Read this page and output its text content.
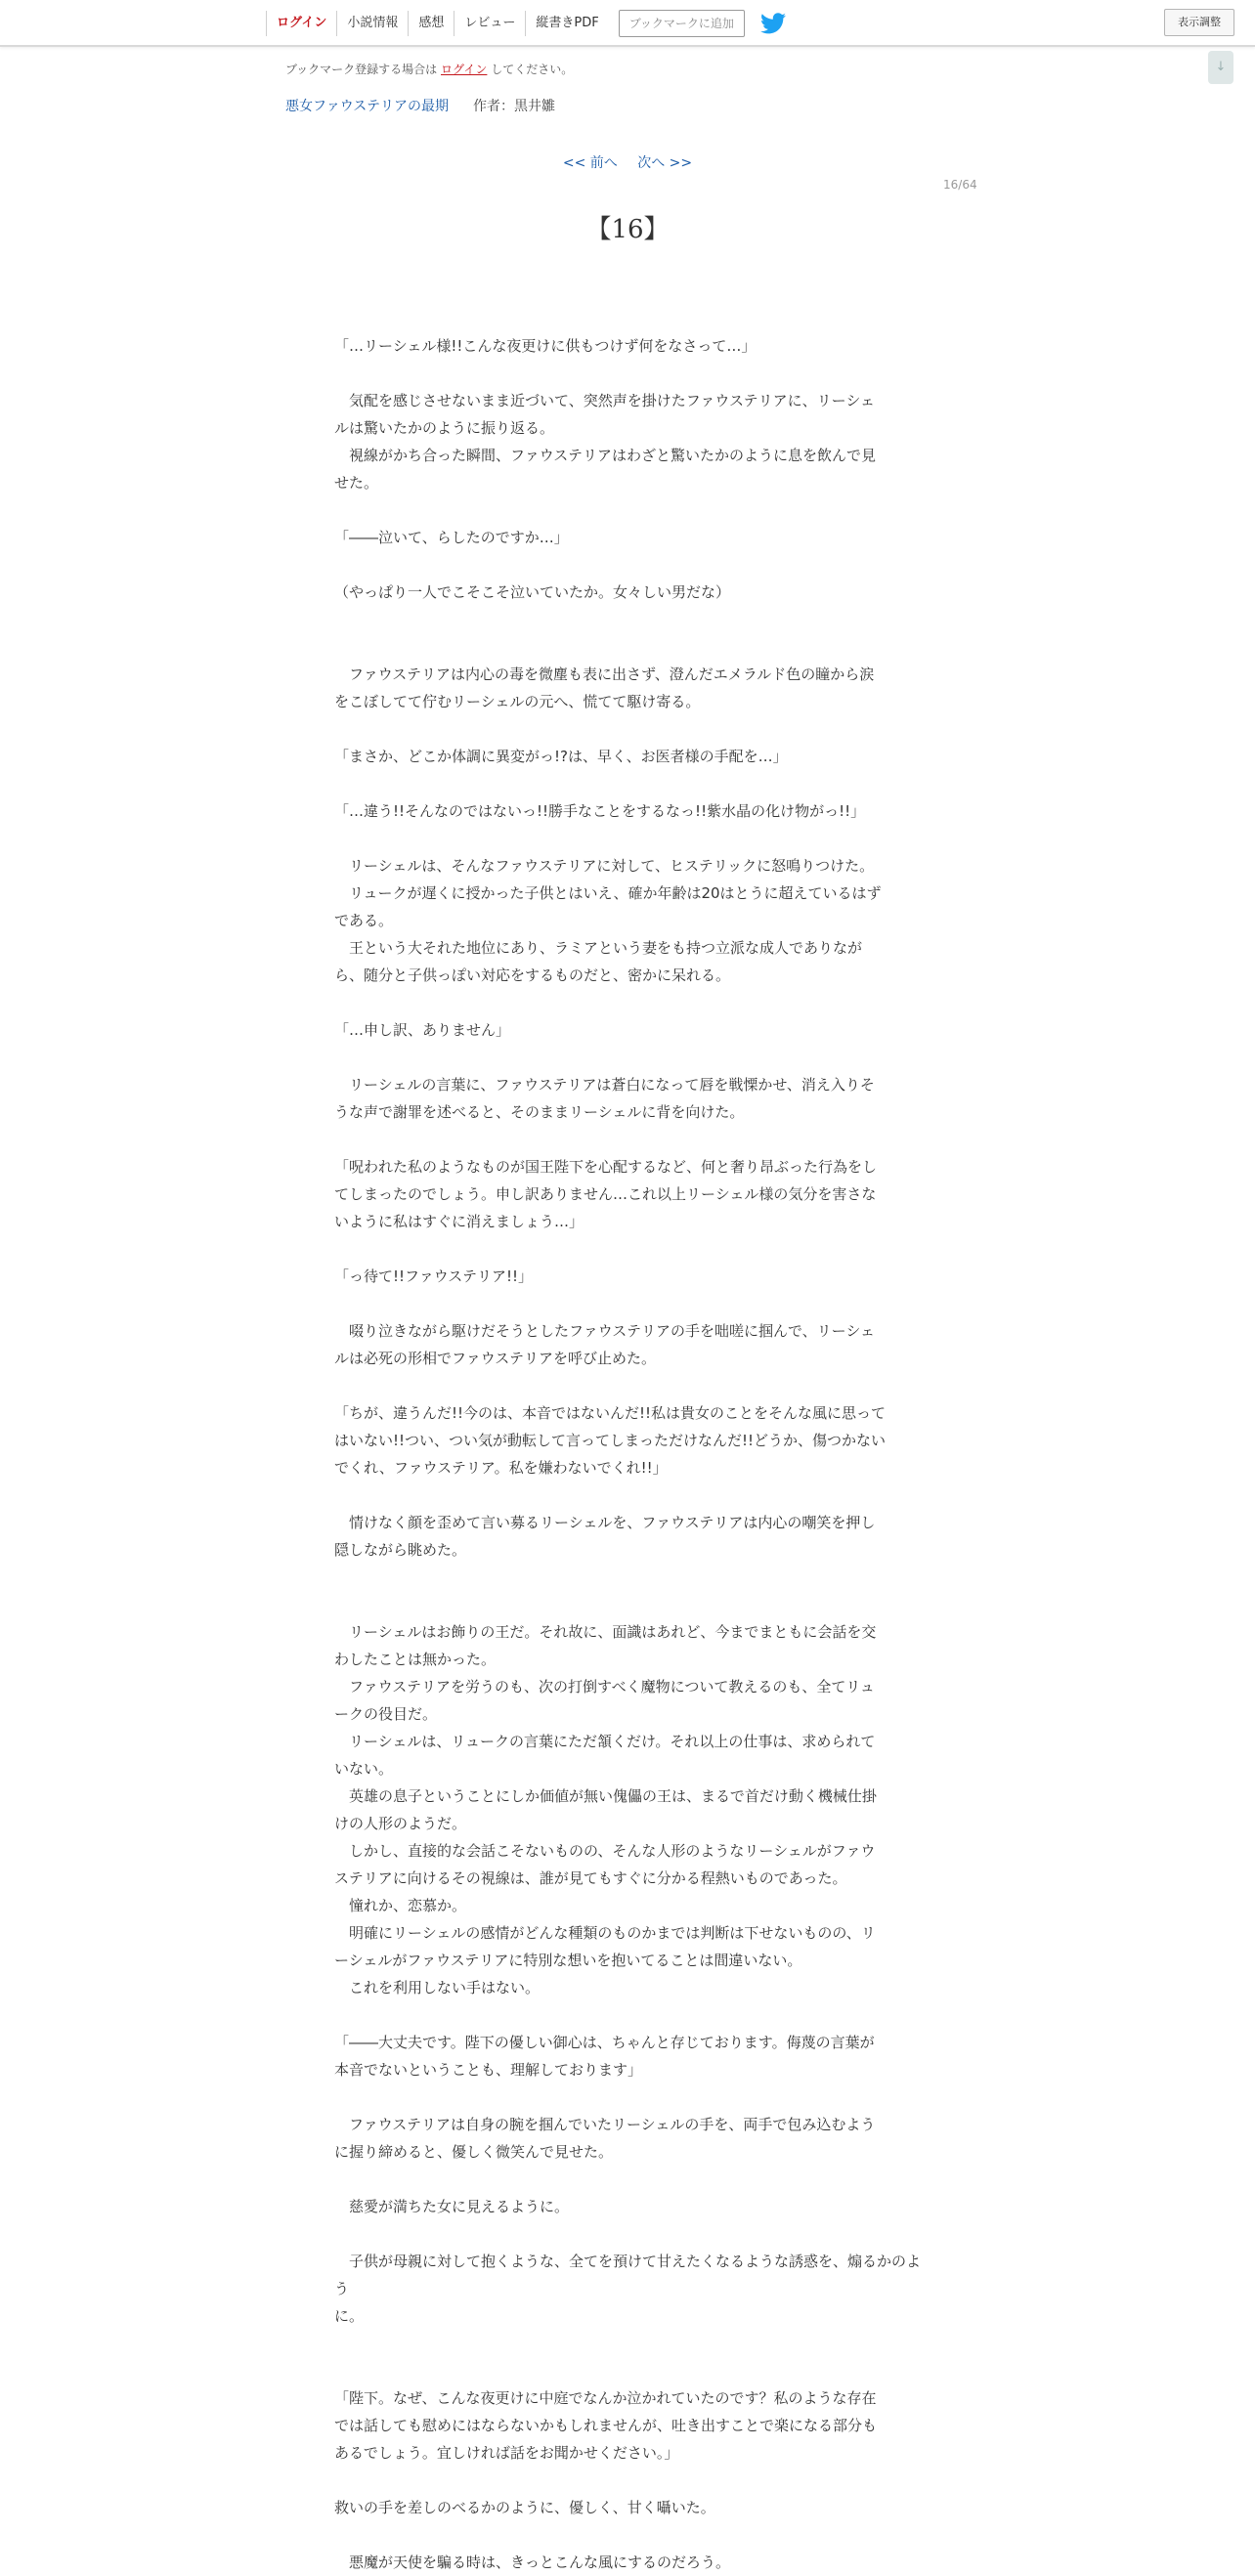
ログイン	小説情報	感想	レビュー	縦書きPDF	ブックマークに追加	表示調整
↓
ブックマーク登録する場合は ログイン してください。
悪女ファウステリアの最期 作者：黒井雛
<< 前へ 次へ >>
16/64
【16】

「…リーシェル様!!こんな夜更けに供もつけず何をなさって…」

　気配を感じさせないまま近づいて、突然声を掛けたファウステリアに、リーシェ

ルは驚いたかのように振り返る。

　視線がかち合った瞬間、ファウステリアはわざと驚いたかのように息を飲んで見

せた。

「――泣いて、らしたのですか…」

（やっぱり一人でこそこそ泣いていたか。女々しい男だな）

　ファウステリアは内心の毒を微塵も表に出さず、澄んだエメラルド色の瞳から涙

をこぼしてて佇むリーシェルの元へ、慌てて駆け寄る。

「まさか、どこか体調に異変がっ!?は、早く、お医者様の手配を…」

「…違う!!そんなのではないっ!!勝手なことをするなっ!!紫水晶の化け物がっ!!」

　リーシェルは、そんなファウステリアに対して、ヒステリックに怒鳴りつけた。

　リュークが遅くに授かった子供とはいえ、確か年齢は20はとうに超えているはず

である。

　王という大それた地位にあり、ラミアという妻をも持つ立派な成人でありなが

ら、随分と子供っぽい対応をするものだと、密かに呆れる。

「…申し訳、ありません」

　リーシェルの言葉に、ファウステリアは蒼白になって唇を戦慄かせ、消え入りそ

うな声で謝罪を述べると、そのままリーシェルに背を向けた。

「呪われた私のようなものが国王陛下を心配するなど、何と奢り昂ぶった行為をし

てしまったのでしょう。申し訳ありません…これ以上リーシェル様の気分を害さな

いように私はすぐに消えましょう…」

「っ待て!!ファウステリア!!」

　啜り泣きながら駆けだそうとしたファウステリアの手を咄嗟に掴んで、リーシェ

ルは必死の形相でファウステリアを呼び止めた。

「ちが、違うんだ!!今のは、本音ではないんだ!!私は貴女のことをそんな風に思って

はいない!!つい、つい気が動転して言ってしまっただけなんだ!!どうか、傷つかない

でくれ、ファウステリア。私を嫌わないでくれ!!」

　情けなく顔を歪めて言い募るリーシェルを、ファウステリアは内心の嘲笑を押し

隠しながら眺めた。

　リーシェルはお飾りの王だ。それ故に、面識はあれど、今までまともに会話を交

わしたことは無かった。

　ファウステリアを労うのも、次の打倒すべく魔物について教えるのも、全てリュ

ークの役目だ。

　リーシェルは、リュークの言葉にただ頷くだけ。それ以上の仕事は、求められて

いない。

　英雄の息子ということにしか価値が無い傀儡の王は、まるで首だけ動く機械仕掛

けの人形のようだ。

　しかし、直接的な会話こそないものの、そんな人形のようなリーシェルがファウ

ステリアに向けるその視線は、誰が見てもすぐに分かる程熱いものであった。

　憧れか、恋慕か。

　明確にリーシェルの感情がどんな種類のものかまでは判断は下せないものの、リ

ーシェルがファウステリアに特別な想いを抱いてることは間違いない。

　これを利用しない手はない。

「――大丈夫です。陛下の優しい御心は、ちゃんと存じております。侮蔑の言葉が

本音でないということも、理解しております」

　ファウステリアは自身の腕を掴んでいたリーシェルの手を、両手で包み込むよう

に握り締めると、優しく微笑んで見せた。

　慈愛が満ちた女に見えるように。

　子供が母親に対して抱くような、全てを預けて甘えたくなるような誘惑を、煽るかのよう

に。

「陛下。なぜ、こんな夜更けに中庭でなんか泣かれていたのです？私のような存在

では話しても慰めにはならないかもしれませんが、吐き出すことで楽になる部分も

あるでしょう。宜しければ話をお聞かせください。」

救いの手を差しのべるかのように、優しく、甘く囁いた。

　悪魔が天使を騙る時は、きっとこんな風にするのだろう。
